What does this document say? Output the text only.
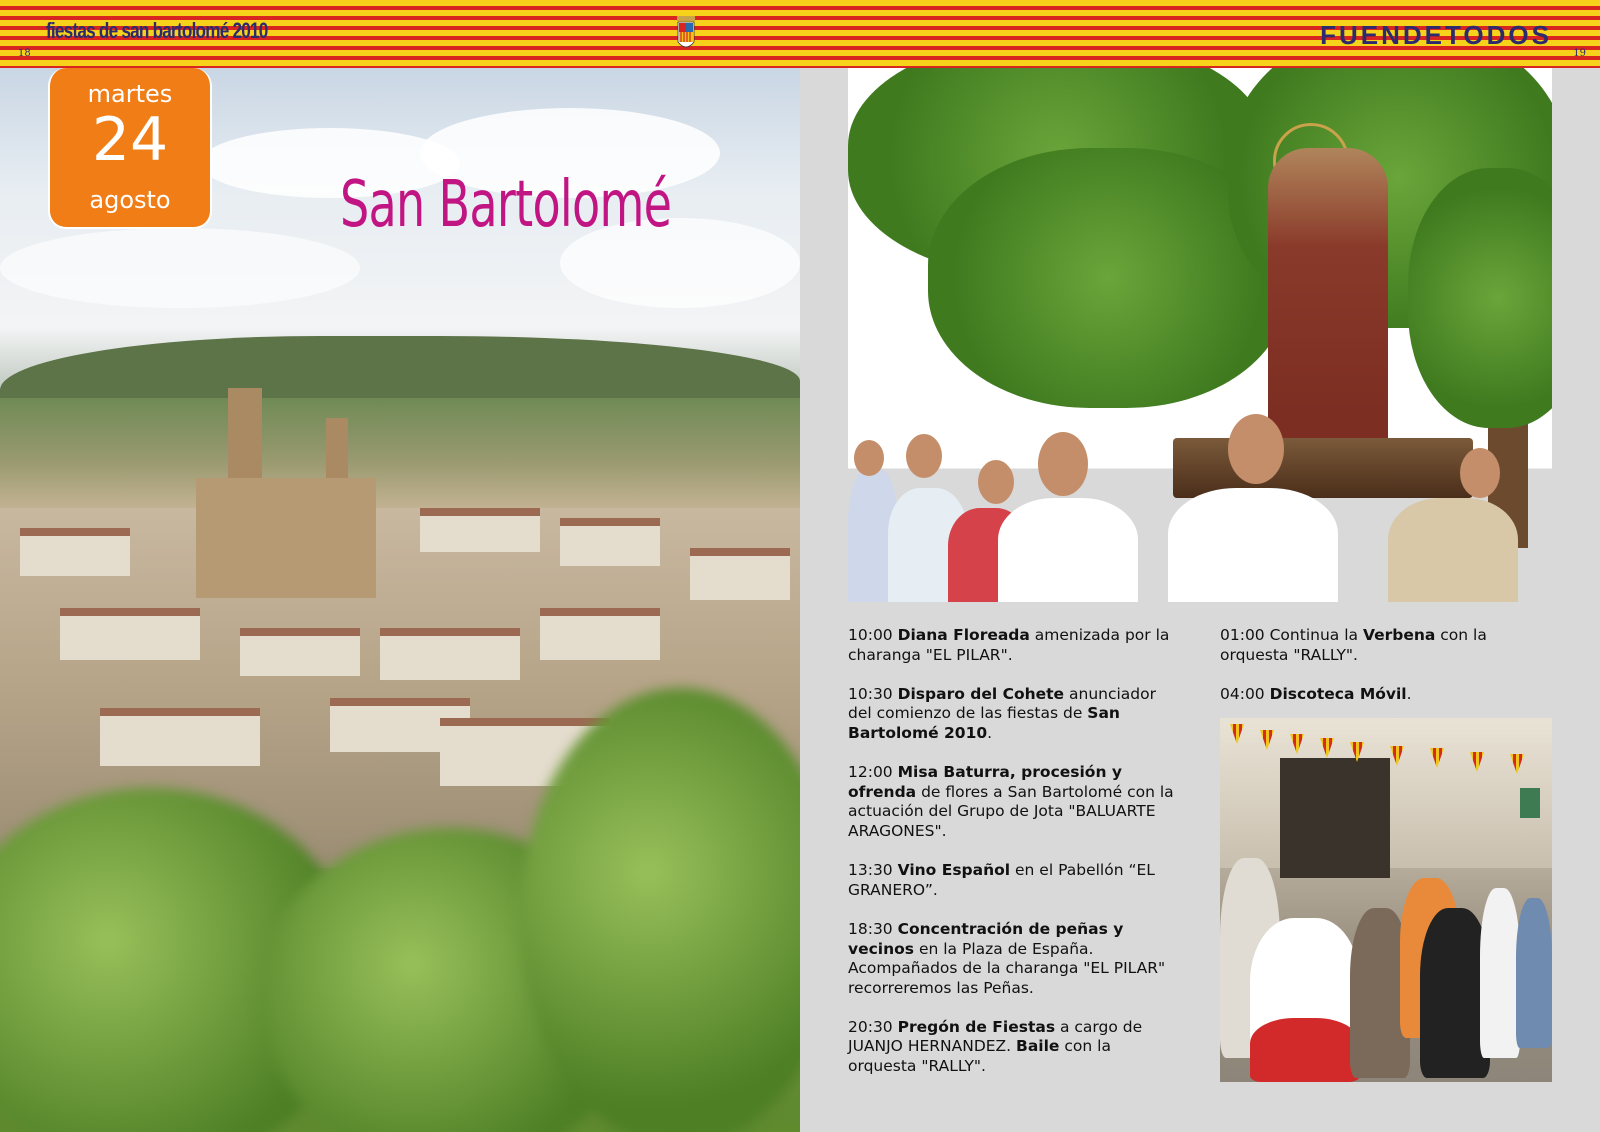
fiestas de san bartolomé 2010
18
FUENDETODOS
19
martes
24
agosto	San Bartolomé
10:00 Diana Floreada amenizada por la charanga "EL PILAR".
10:30 Disparo del Cohete anunciador del comienzo de las fiestas de San Bartolomé 2010.
12:00 Misa Baturra, procesión y ofrenda de flores a San Bartolomé con la actuación del Grupo de Jota "BALUARTE ARAGONES".
13:30 Vino Español en el Pabellón “EL GRANERO”.
18:30 Concentración de peñas y vecinos en la Plaza de España. Acompañados de la charanga "EL PILAR" recorreremos las Peñas.
20:30 Pregón de Fiestas a cargo de JUANJO HERNANDEZ. Baile con la orquesta "RALLY".
01:00 Continua la Verbena con la orquesta "RALLY".
04:00 Discoteca Móvil.
